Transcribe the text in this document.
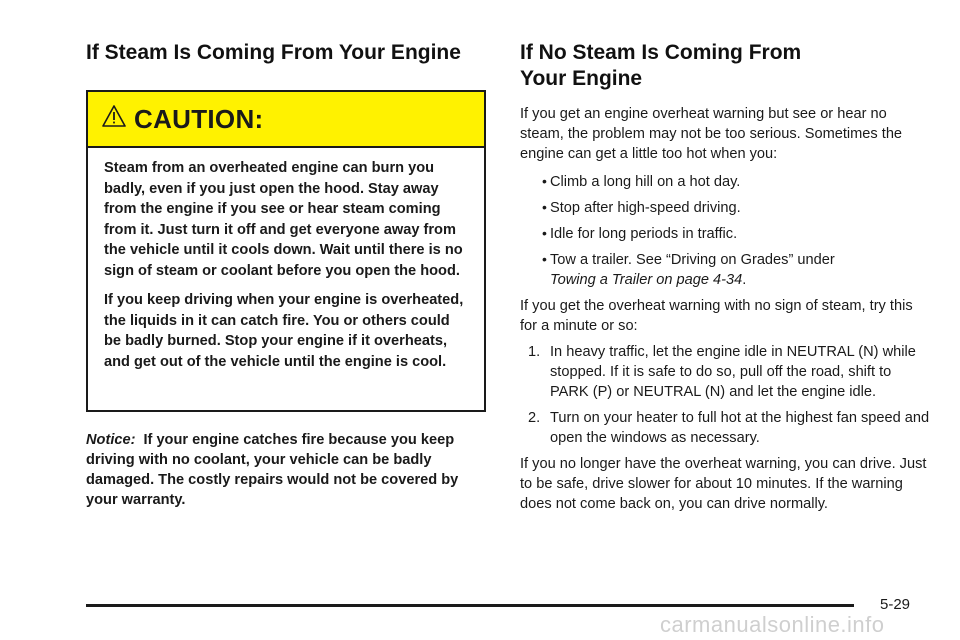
If Steam Is Coming From Your Engine
CAUTION:

Steam from an overheated engine can burn you badly, even if you just open the hood. Stay away from the engine if you see or hear steam coming from it. Just turn it off and get everyone away from the vehicle until it cools down. Wait until there is no sign of steam or coolant before you open the hood.

If you keep driving when your engine is overheated, the liquids in it can catch fire. You or others could be badly burned. Stop your engine if it overheats, and get out of the vehicle until the engine is cool.

Notice: If your engine catches fire because you keep driving with no coolant, your vehicle can be badly damaged. The costly repairs would not be covered by your warranty.
If No Steam Is Coming From
Your Engine

If you get an engine overheat warning but see or hear no steam, the problem may not be too serious. Sometimes the engine can get a little too hot when you:

• Climb a long hill on a hot day.
• Stop after high-speed driving.
• Idle for long periods in traffic.
• Tow a trailer. See “Driving on Grades” under
Towing a Trailer on page 4-34.

If you get the overheat warning with no sign of steam, try this for a minute or so:

1. In heavy traffic, let the engine idle in NEUTRAL (N) while stopped. If it is safe to do so, pull off the road, shift to PARK (P) or NEUTRAL (N) and let the engine idle.
2. Turn on your heater to full hot at the highest fan speed and open the windows as necessary.

If you no longer have the overheat warning, you can drive. Just to be safe, drive slower for about 10 minutes. If the warning does not come back on, you can drive normally.

5-29
carmanualsonline.info
